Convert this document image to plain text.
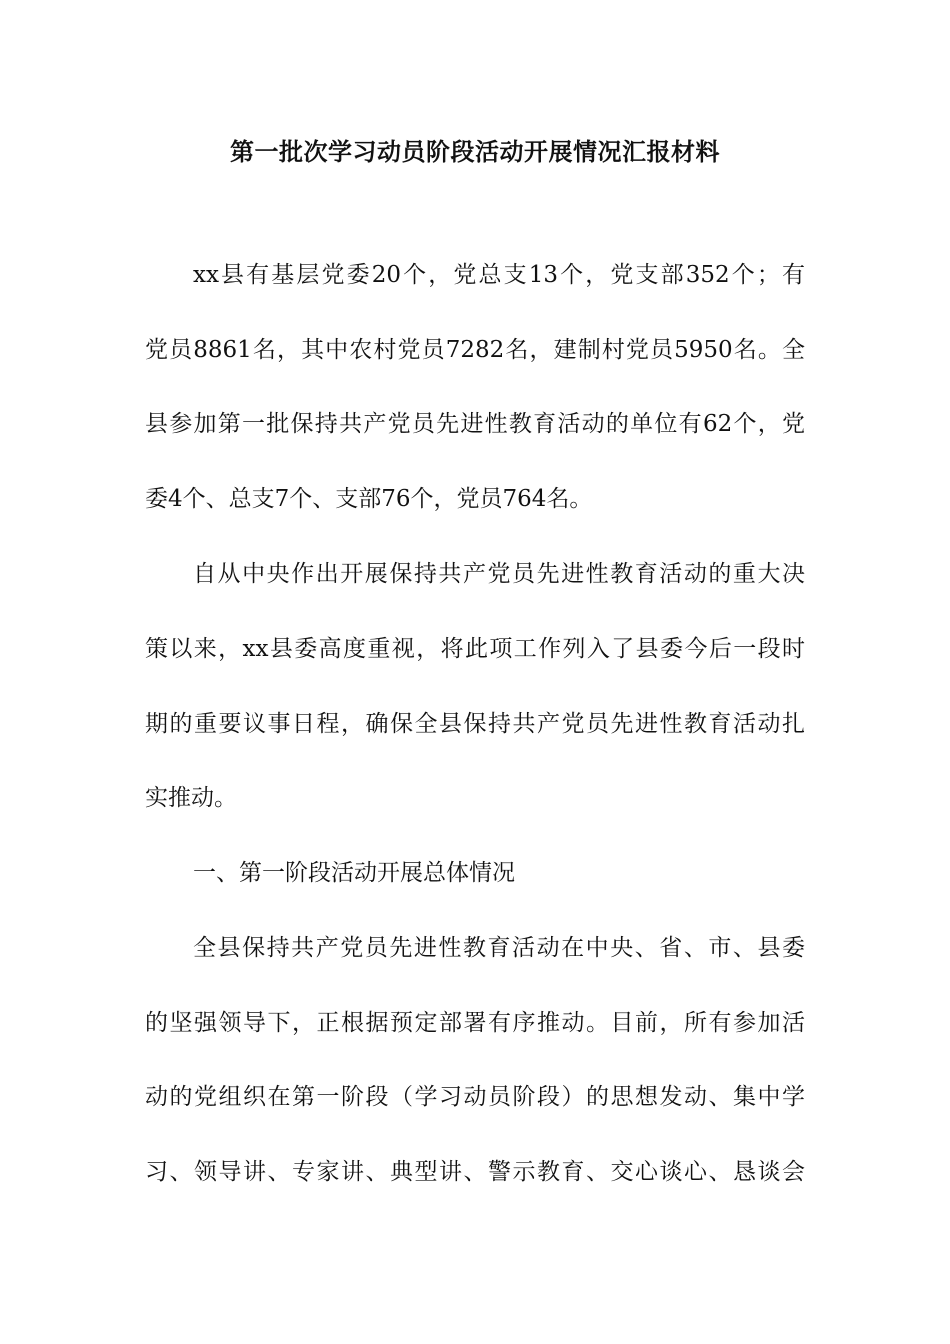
第一批次学习动员阶段活动开展情况汇报材料
xx县有基层党委20个，党总支13个，党支部352个；有
党员8861名，其中农村党员7282名，建制村党员5950名。全
县参加第一批保持共产党员先进性教育活动的单位有62个，党
委4个、总支7个、支部76个，党员764名。
自从中央作出开展保持共产党员先进性教育活动的重大决
策以来，xx县委高度重视，将此项工作列入了县委今后一段时
期的重要议事日程，确保全县保持共产党员先进性教育活动扎
实推动。
一、第一阶段活动开展总体情况
全县保持共产党员先进性教育活动在中央、省、市、县委
的坚强领导下，正根据预定部署有序推动。目前，所有参加活
动的党组织在第一阶段（学习动员阶段）的思想发动、集中学
习、领导讲、专家讲、典型讲、警示教育、交心谈心、恳谈会
